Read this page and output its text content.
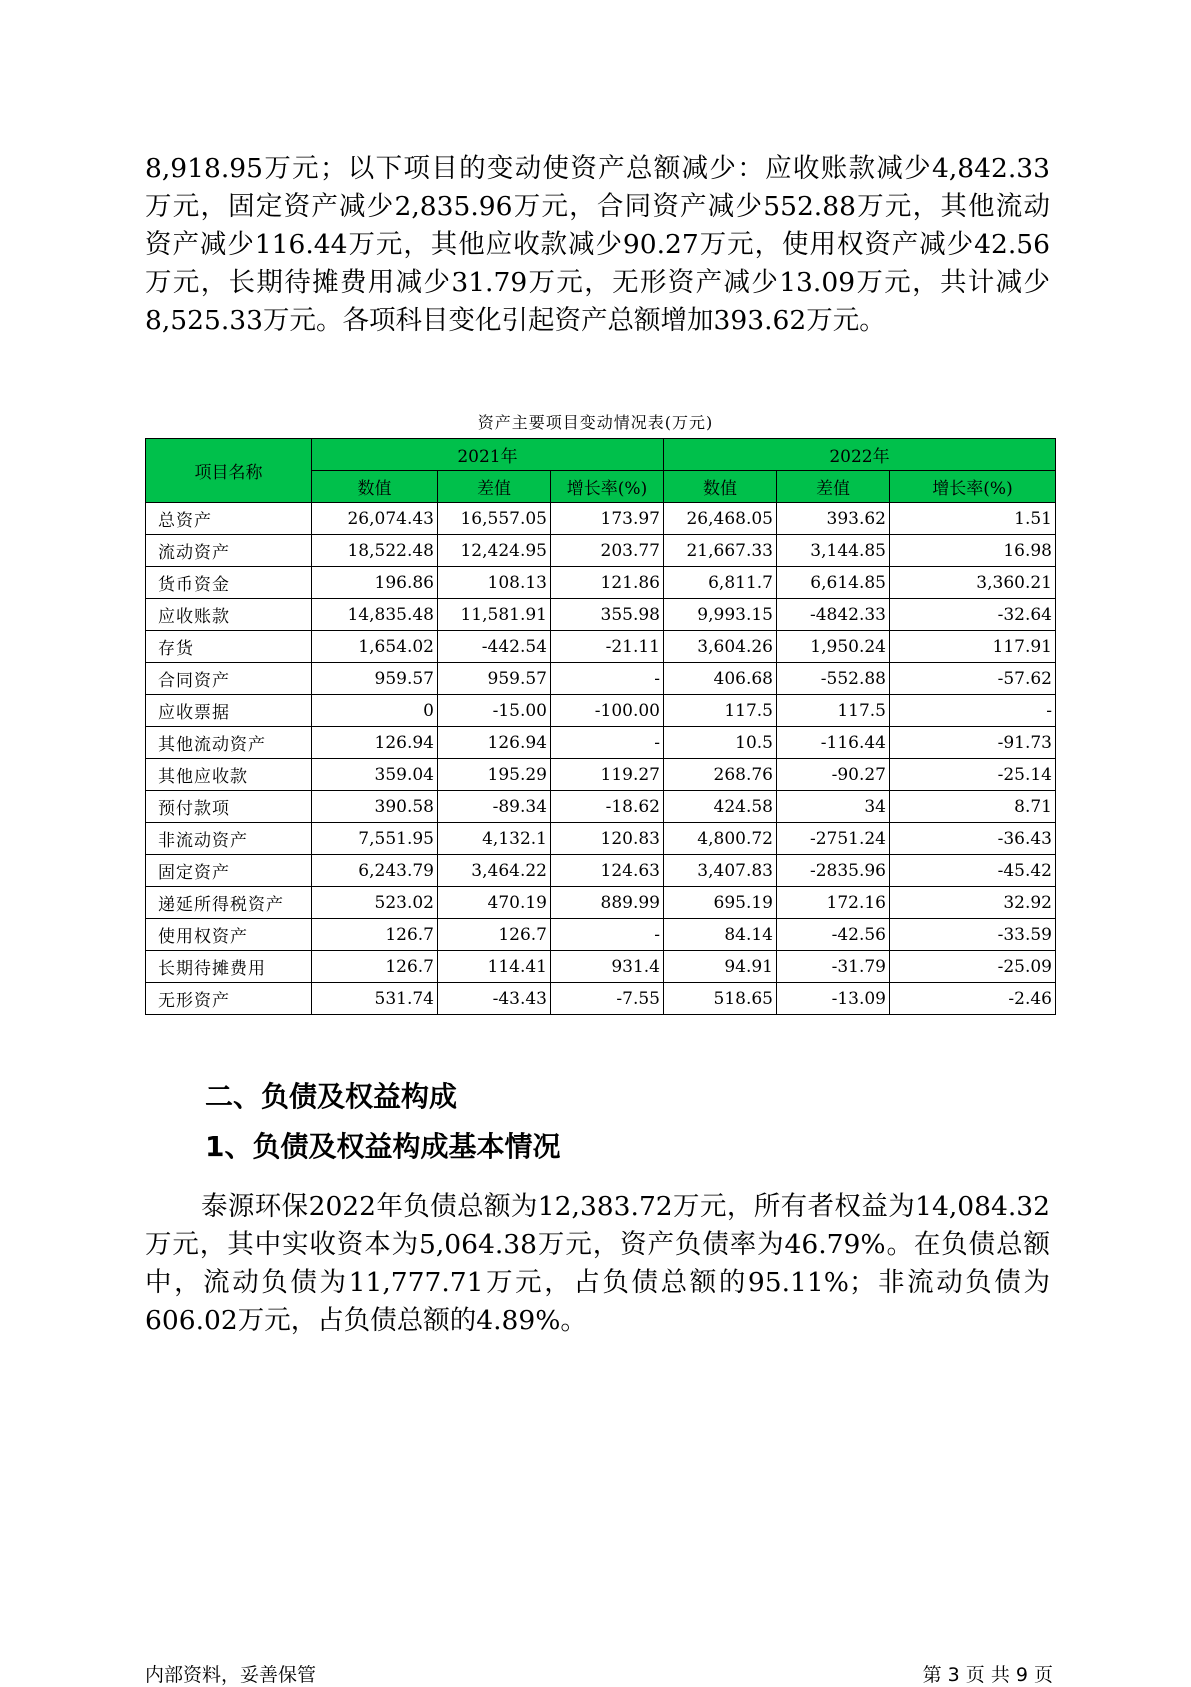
8,918.95万元；以下项目的变动使资产总额减少：应收账款减少4,842.33 万元，固定资产减少2,835.96万元，合同资产减少552.88万元，其他流动 资产减少116.44万元，其他应收款减少90.27万元，使用权资产减少42.56 万元，长期待摊费用减少31.79万元，无形资产减少13.09万元，共计减少
8,525.33万元。各项科目变化引起资产总额增加393.62万元。

资产主要项目变动情况表(万元)
项目名称	2021年			2022年		
	数值	差值	增长率(%)	数值	差值	增长率(%)
总资产	26,074.43	16,557.05	173.97	26,468.05	393.62	1.51
流动资产	18,522.48	12,424.95	203.77	21,667.33	3,144.85	16.98
货币资金	196.86	108.13	121.86	6,811.7	6,614.85	3,360.21
应收账款	14,835.48	11,581.91	355.98	9,993.15	-4842.33	-32.64
存货	1,654.02	-442.54	-21.11	3,604.26	1,950.24	117.91
合同资产	959.57	959.57	-	406.68	-552.88	-57.62
应收票据	0	-15.00	-100.00	117.5	117.5	-
其他流动资产	126.94	126.94	-	10.5	-116.44	-91.73
其他应收款	359.04	195.29	119.27	268.76	-90.27	-25.14
预付款项	390.58	-89.34	-18.62	424.58	34	8.71
非流动资产	7,551.95	4,132.1	120.83	4,800.72	-2751.24	-36.43
固定资产	6,243.79	3,464.22	124.63	3,407.83	-2835.96	-45.42
递延所得税资产	523.02	470.19	889.99	695.19	172.16	32.92
使用权资产	126.7	126.7	-	84.14	-42.56	-33.59
长期待摊费用	126.7	114.41	931.4	94.91	-31.79	-25.09
无形资产	531.74	-43.43	-7.55	518.65	-13.09	-2.46
二、负债及权益构成
1、负债及权益构成基本情况

泰源环保2022年负债总额为12,383.72万元，所有者权益为14,084.32 万元，其中实收资本为5,064.38万元，资产负债率为46.79%。在负债总额 中，流动负债为11,777.71万元，占负债总额的95.11%；非流动负债为
606.02万元，占负债总额的4.89%。

内部资料，妥善保管	第 3 页 共 9 页
